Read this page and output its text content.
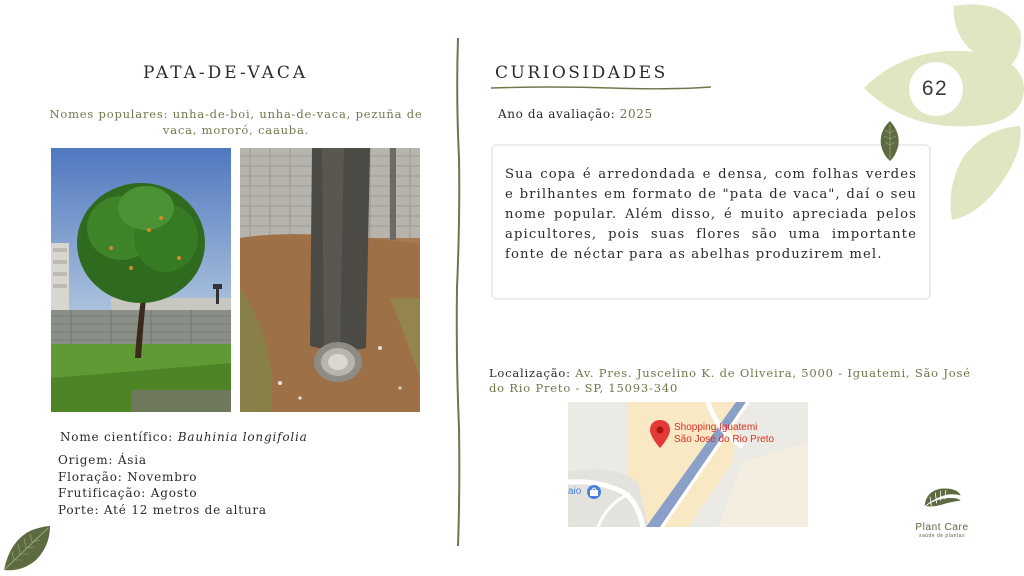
PATA-DE-VACA
Nomes populares: unha-de-boi, unha-de-vaca, pezuña de vaca, mororó, caauba.
Nome científico: Bauhinia longifolia
Origem: Ásia
Floração: Novembro
Frutificação: Agosto
Porte: Até 12 metros de altura
CURIOSIDADES
Ano da avaliação: 2025

Sua copa é arredondada e densa, com folhas verdes e brilhantes em formato de "pata de vaca", daí o seu nome popular. Além disso, é muito apreciada pelos apicultores, pois suas flores são uma importante fonte de néctar para as abelhas produzirem mel.

Localização: Av. Pres. Juscelino K. de Oliveira, 5000 - Iguatemi, São José do Rio Preto - SP, 15093-340
Shopping Iguatemi
São José do Rio Preto
aio
62
Plant Care
saúde de plantas
